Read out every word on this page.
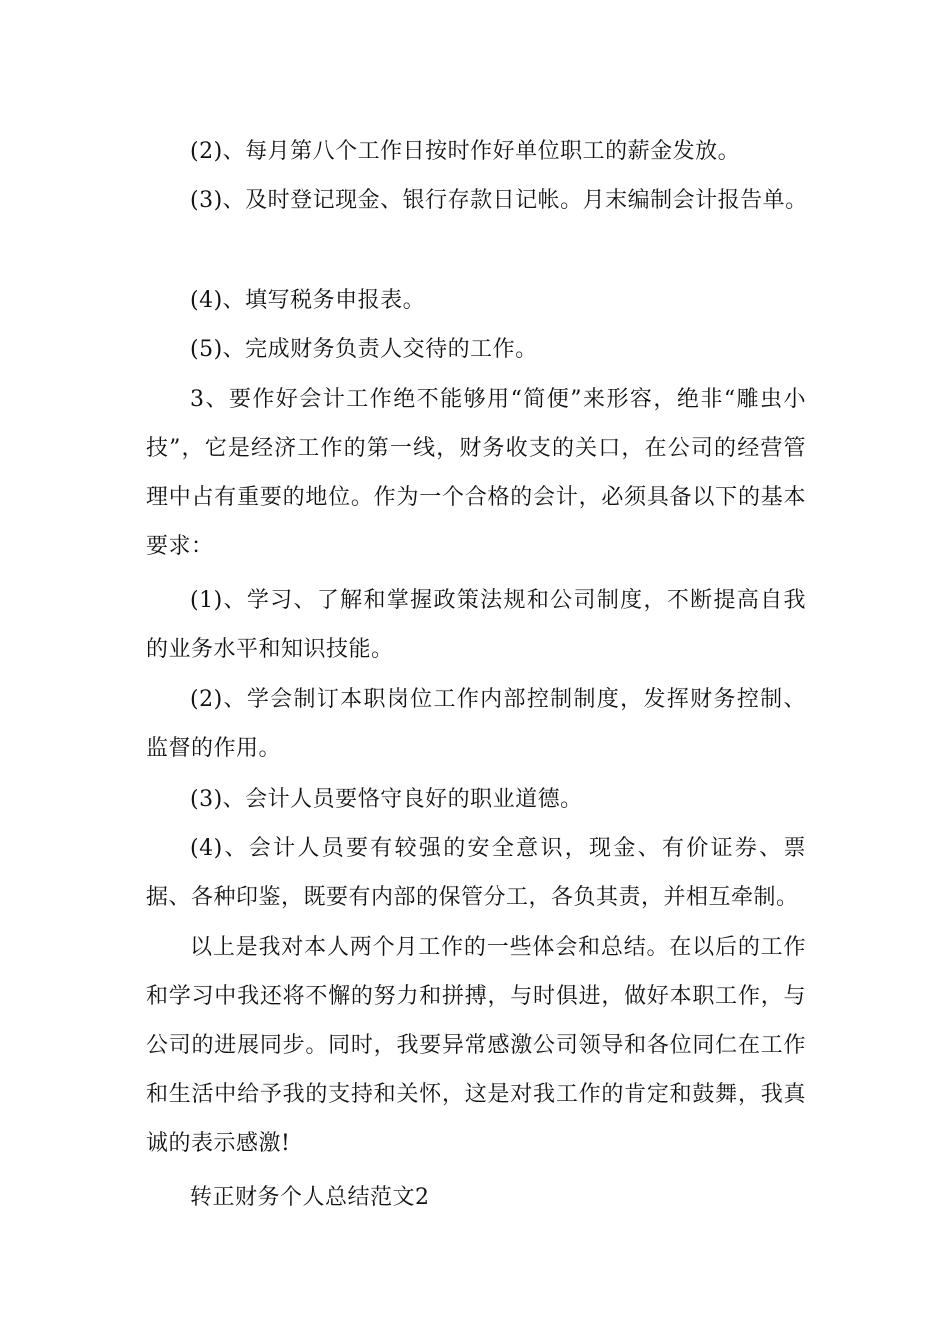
(2)、每月第八个工作日按时作好单位职工的薪金发放。

(3)、及时登记现金、银行存款日记帐。月末编制会计报告单。

(4)、填写税务申报表。

(5)、完成财务负责人交待的工作。

3、要作好会计工作绝不能够用“简便”来形容，绝非“雕虫小技”，它是经济工作的第一线，财务收支的关口，在公司的经营管理中占有重要的地位。作为一个合格的会计，必须具备以下的基本要求：

(1)、学习、了解和掌握政策法规和公司制度，不断提高自我的业务水平和知识技能。

(2)、学会制订本职岗位工作内部控制制度，发挥财务控制、监督的作用。

(3)、会计人员要恪守良好的职业道德。

(4)、会计人员要有较强的安全意识，现金、有价证券、票据、各种印鉴，既要有内部的保管分工，各负其责，并相互牵制。

以上是我对本人两个月工作的一些体会和总结。在以后的工作和学习中我还将不懈的努力和拼搏，与时俱进，做好本职工作，与公司的进展同步。同时，我要异常感激公司领导和各位同仁在工作和生活中给予我的支持和关怀，这是对我工作的肯定和鼓舞，我真诚的表示感激!

转正财务个人总结范文2
